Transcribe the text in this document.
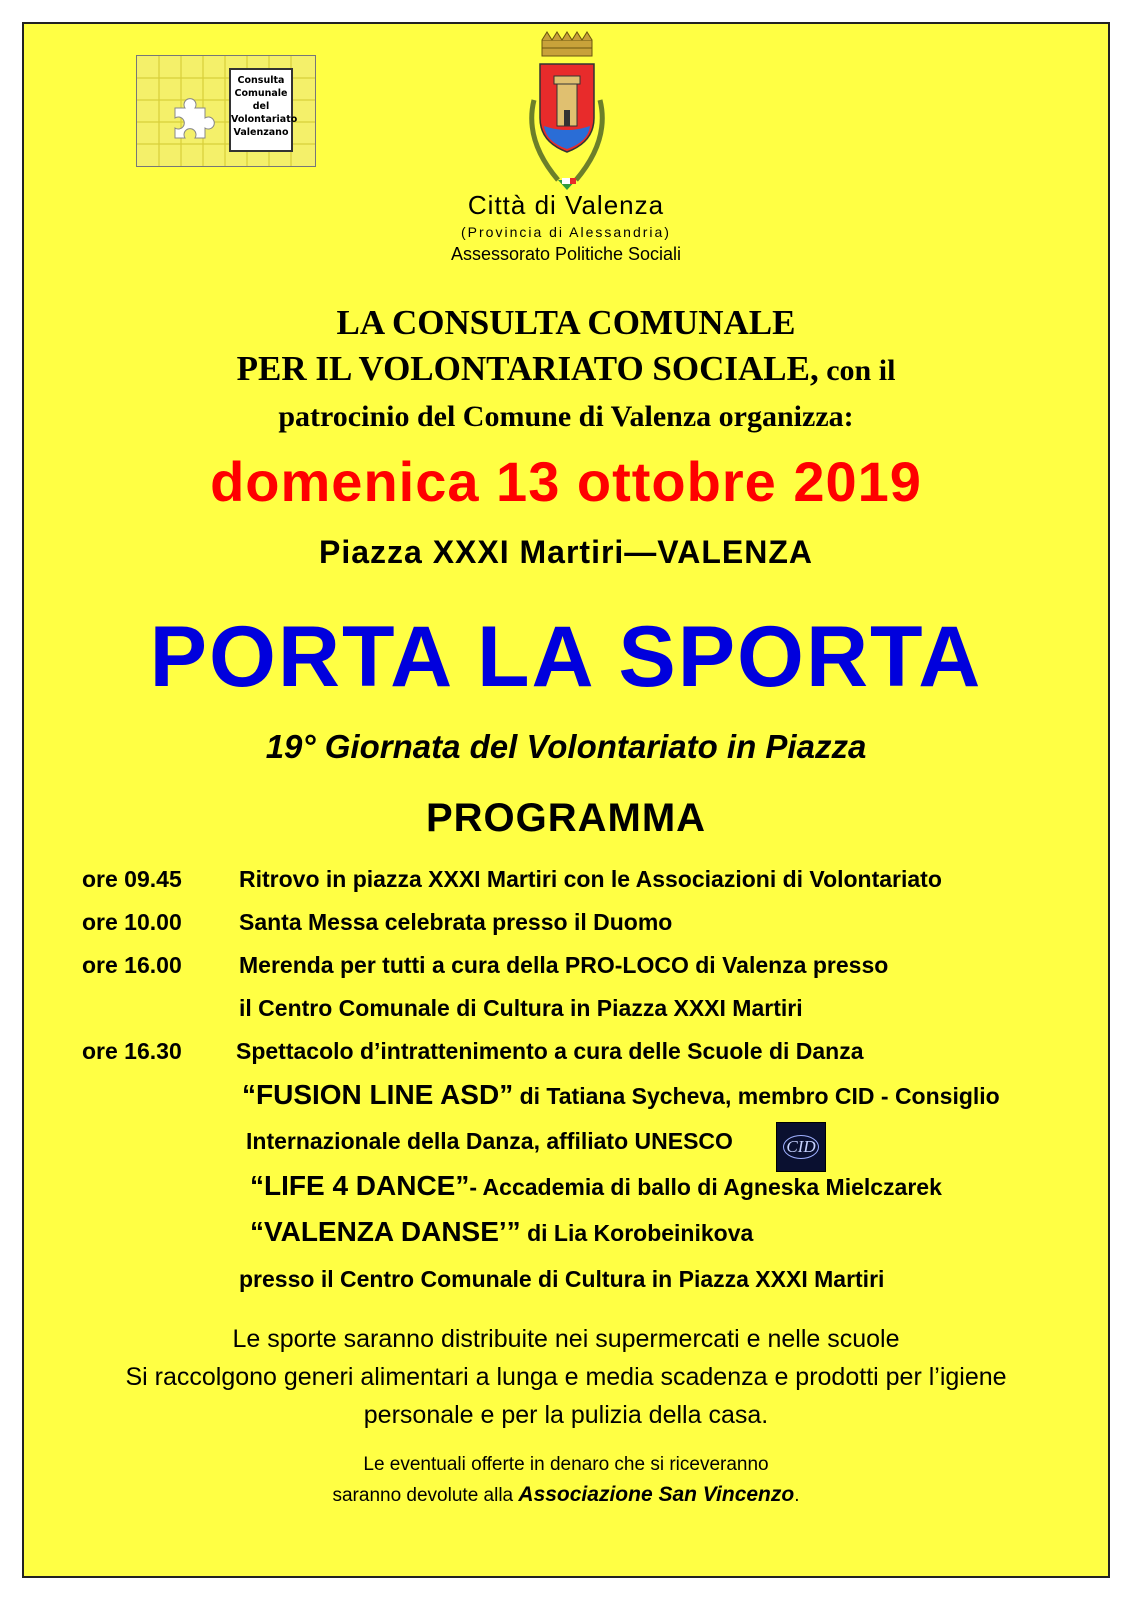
Consulta
Comunale
del
Volontariato
Valenzano
Città di Valenza
(Provincia di Alessandria)
Assessorato Politiche Sociali
LA CONSULTA COMUNALE
PER IL VOLONTARIATO SOCIALE, con il
patrocinio del Comune di Valenza organizza:
domenica 13 ottobre 2019
Piazza XXXI Martiri—VALENZA
PORTA LA SPORTA
19° Giornata del Volontariato in Piazza
PROGRAMMA
ore 09.45 Ritrovo in piazza XXXI Martiri con le Associazioni di Volontariato
ore 10.00 Santa Messa celebrata presso il Duomo
ore 16.00 Merenda per tutti a cura della PRO-LOCO di Valenza presso
il Centro Comunale di Cultura in Piazza XXXI Martiri
ore 16.30 Spettacolo d’intrattenimento a cura delle Scuole di Danza
“FUSION LINE ASD” di Tatiana Sycheva, membro CID - Consiglio
Internazionale della Danza, affiliato UNESCO	CID
“LIFE 4 DANCE”- Accademia di ballo di Agneska Mielczarek
“VALENZA DANSE’” di Lia Korobeinikova
presso il Centro Comunale di Cultura in Piazza XXXI Martiri
Le sporte saranno distribuite nei supermercati e nelle scuole
Si raccolgono generi alimentari a lunga e media scadenza e prodotti per l’igiene
personale e per la pulizia della casa.
Le eventuali offerte in denaro che si riceveranno
saranno devolute alla Associazione San Vincenzo.
